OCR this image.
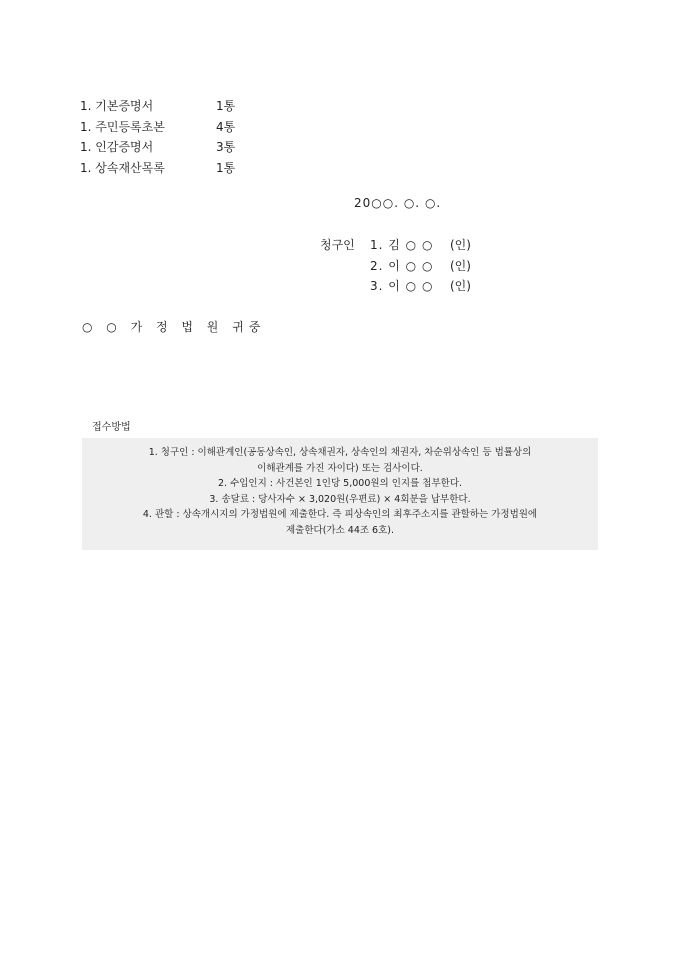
1. 기본증명서	1통
1. 주민등록초본	4통
1. 인감증명서	3통
1. 상속재산목록	1통
20○○. ○. ○.
청구인	1. 김 ○ ○	(인)
2. 이 ○ ○	(인)
3. 이 ○ ○	(인)
○ ○ 가 정 법 원 귀중
접수방법
1. 청구인 : 이해관계인(공동상속인, 상속채권자, 상속인의 채권자, 차순위상속인 등 법률상의
이해관계를 가진 자이다) 또는 검사이다.
2. 수입인지 : 사건본인 1인당 5,000원의 인지를 첩부한다.
3. 송달료 : 당사자수 × 3,020원(우편료) × 4회분을 납부한다.
4. 관할 : 상속개시지의 가정법원에 제출한다. 즉 피상속인의 최후주소지를 관할하는 가정법원에
제출한다(가소 44조 6호).
